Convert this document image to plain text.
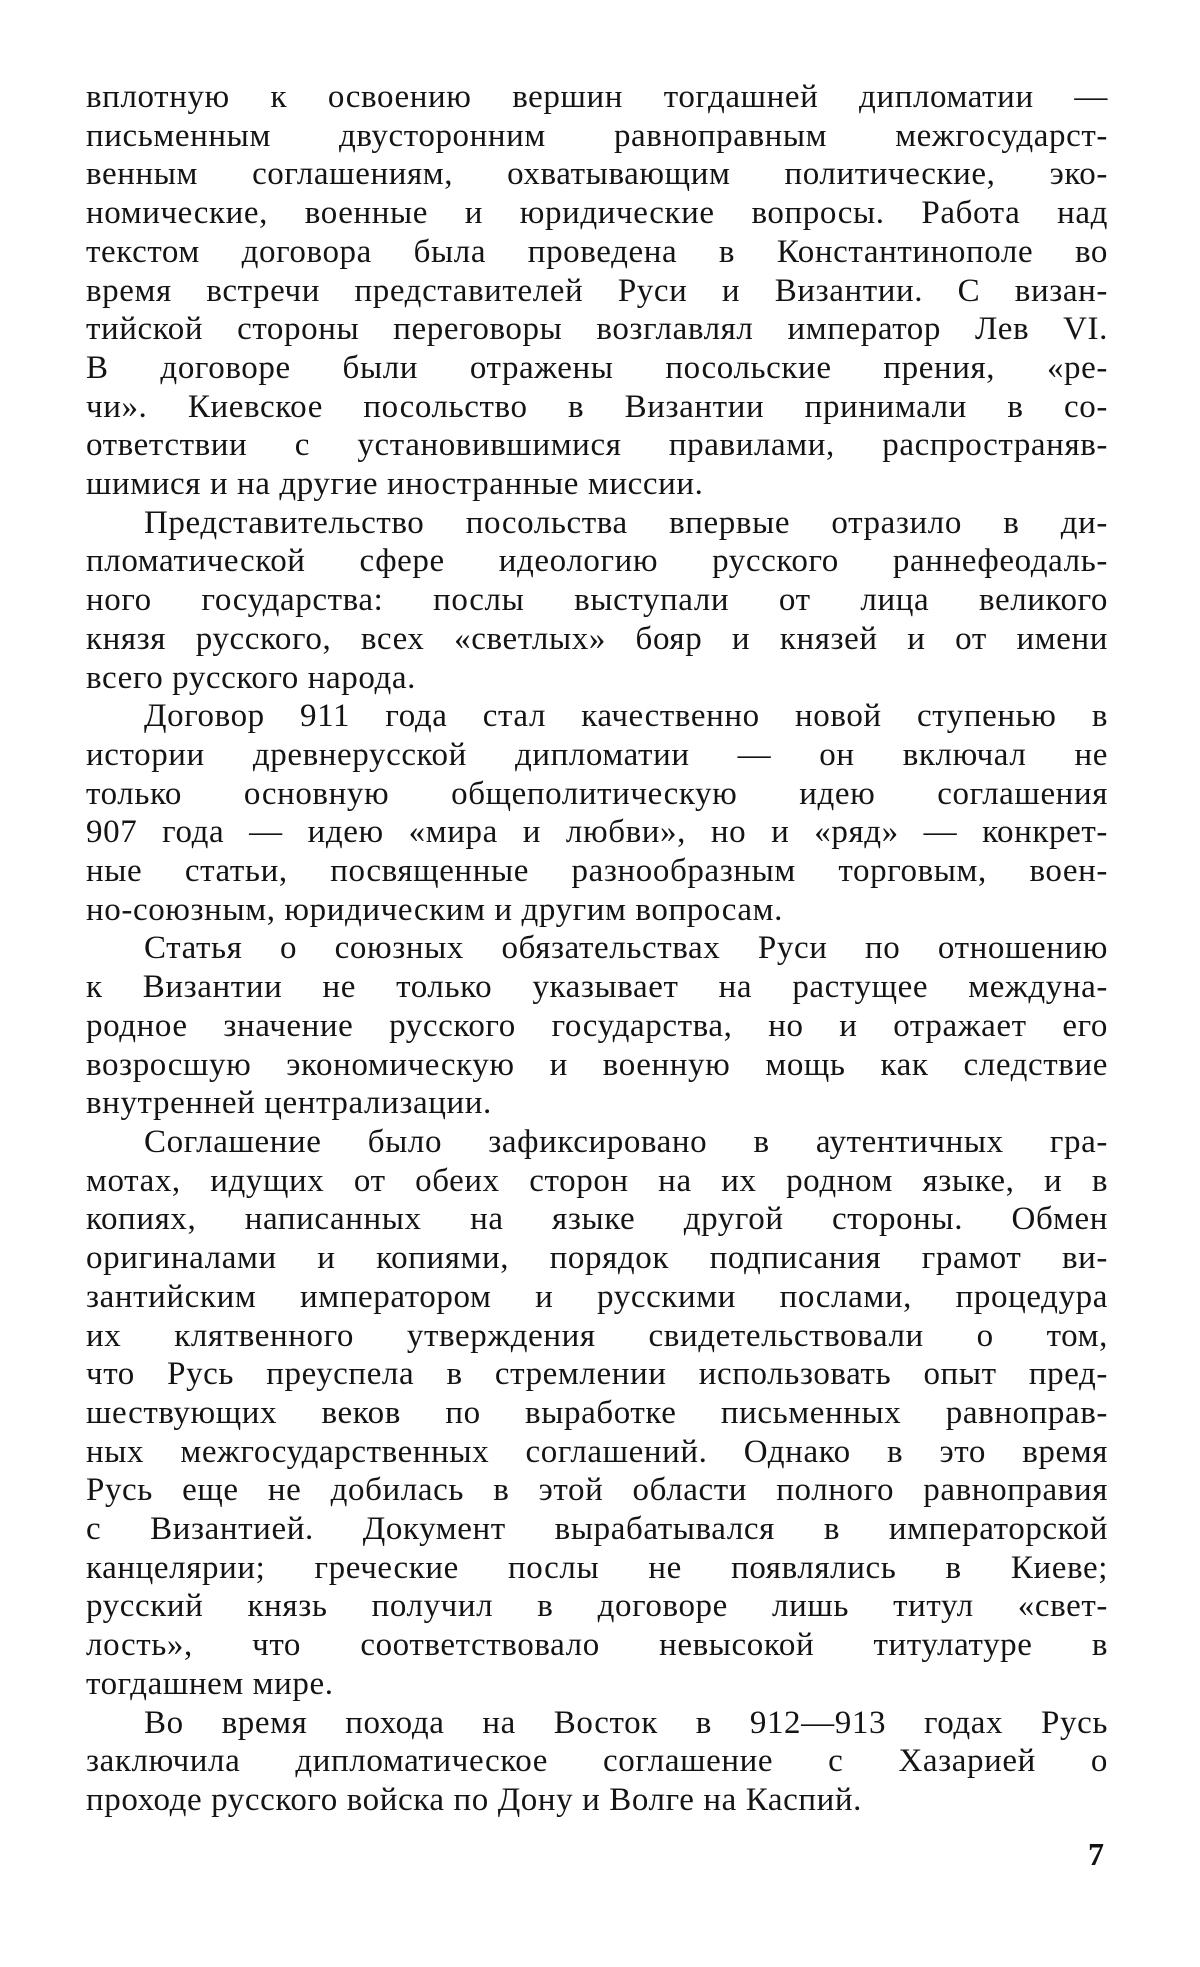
вплотную к освоению вершин тогдашней дипломатии —
письменным двусторонним равноправным межгосударст-
венным соглашениям, охватывающим политические, эко-
номические, военные и юридические вопросы. Работа над
текстом договора была проведена в Константинополе во
время встречи представителей Руси и Византии. С визан-
тийской стороны переговоры возглавлял император Лев VI.
В договоре были отражены посольские прения, «ре-
чи». Киевское посольство в Византии принимали в со-
ответствии с установившимися правилами, распространяв-
шимися и на другие иностранные миссии.
Представительство посольства впервые отразило в ди-
пломатической сфере идеологию русского раннефеодаль-
ного государства: послы выступали от лица великого
князя русского, всех «светлых» бояр и князей и от имени
всего русского народа.
Договор 911 года стал качественно новой ступенью в
истории древнерусской дипломатии — он включал не
только основную общеполитическую идею соглашения
907 года — идею «мира и любви», но и «ряд» — конкрет-
ные статьи, посвященные разнообразным торговым, воен-
но-союзным, юридическим и другим вопросам.
Статья о союзных обязательствах Руси по отношению
к Византии не только указывает на растущее междуна-
родное значение русского государства, но и отражает его
возросшую экономическую и военную мощь как следствие
внутренней централизации.
Соглашение было зафиксировано в аутентичных гра-
мотах, идущих от обеих сторон на их родном языке, и в
копиях, написанных на языке другой стороны. Обмен
оригиналами и копиями, порядок подписания грамот ви-
зантийским императором и русскими послами, процедура
их клятвенного утверждения свидетельствовали о том,
что Русь преуспела в стремлении использовать опыт пред-
шествующих веков по выработке письменных равноправ-
ных межгосударственных соглашений. Однако в это время
Русь еще не добилась в этой области полного равноправия
с Византией. Документ вырабатывался в императорской
канцелярии; греческие послы не появлялись в Киеве;
русский князь получил в договоре лишь титул «свет-
лость», что соответствовало невысокой титулатуре в
тогдашнем мире.
Во время похода на Восток в 912—913 годах Русь
заключила дипломатическое соглашение с Хазарией о
проходе русского войска по Дону и Волге на Каспий.
7
